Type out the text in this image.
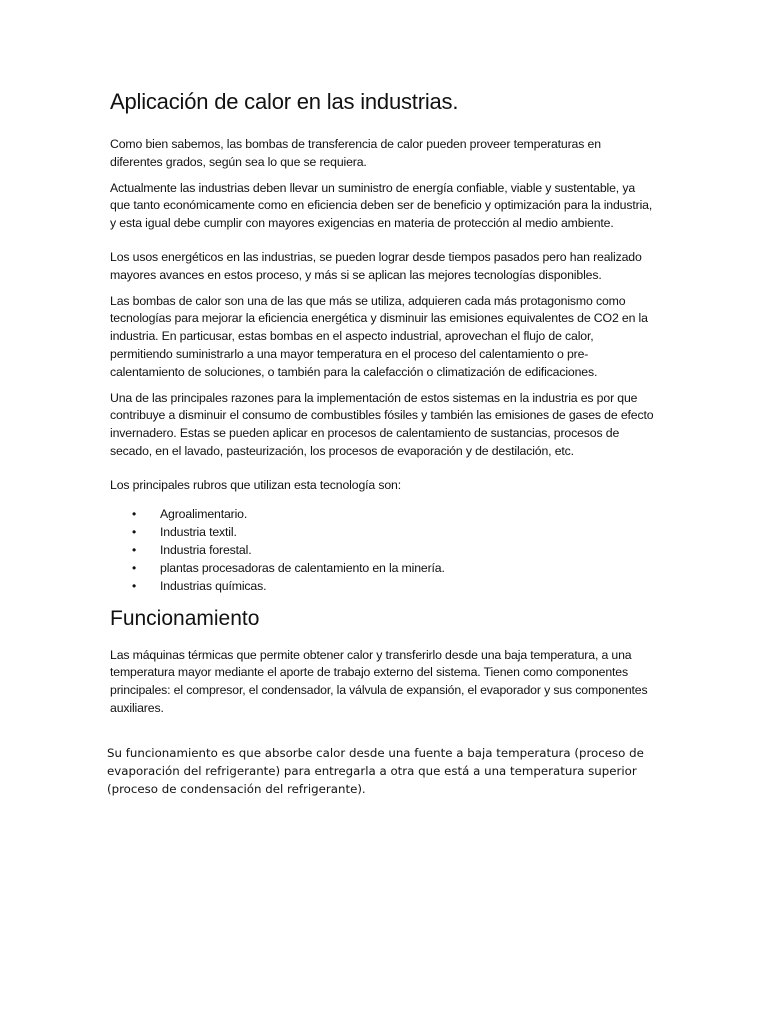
Aplicación de calor en las industrias.

Como bien sabemos, las bombas de transferencia de calor pueden proveer temperaturas en diferentes grados, según sea lo que se requiera.

Actualmente las industrias deben llevar un suministro de energía confiable, viable y sustentable, ya que tanto económicamente como en eficiencia deben ser de beneficio y optimización para la industria, y esta igual debe cumplir con mayores exigencias en materia de protección al medio ambiente.

Los usos energéticos en las industrias, se pueden lograr desde tiempos pasados pero han realizado mayores avances en estos proceso, y más si se aplican las mejores tecnologías disponibles.

Las bombas de calor son una de las que más se utiliza, adquieren cada más protagonismo como tecnologías para mejorar la eficiencia energética y disminuir las emisiones equivalentes de CO2 en la industria. En particusar, estas bombas en el aspecto industrial, aprovechan el flujo de calor, permitiendo suministrarlo a una mayor temperatura en el proceso del calentamiento o pre-calentamiento de soluciones, o también para la calefacción o climatización de edificaciones.

Una de las principales razones para la implementación de estos sistemas en la industria es por que contribuye a disminuir el consumo de combustibles fósiles y también las emisiones de gases de efecto invernadero. Estas se pueden aplicar en procesos de calentamiento de sustancias, procesos de secado, en el lavado, pasteurización, los procesos de evaporación y de destilación, etc.

Los principales rubros que utilizan esta tecnología son:

• Agroalimentario.
• Industria textil.
• Industria forestal.
• plantas procesadoras de calentamiento en la minería.
• Industrias químicas.
Funcionamiento

Las máquinas térmicas que permite obtener calor y transferirlo desde una baja temperatura, a una temperatura mayor mediante el aporte de trabajo externo del sistema. Tienen como componentes principales: el compresor, el condensador, la válvula de expansión, el evaporador y sus componentes auxiliares.

Su funcionamiento es que absorbe calor desde una fuente a baja temperatura (proceso de evaporación del refrigerante) para entregarla a otra que está a una temperatura superior (proceso de condensación del refrigerante).
